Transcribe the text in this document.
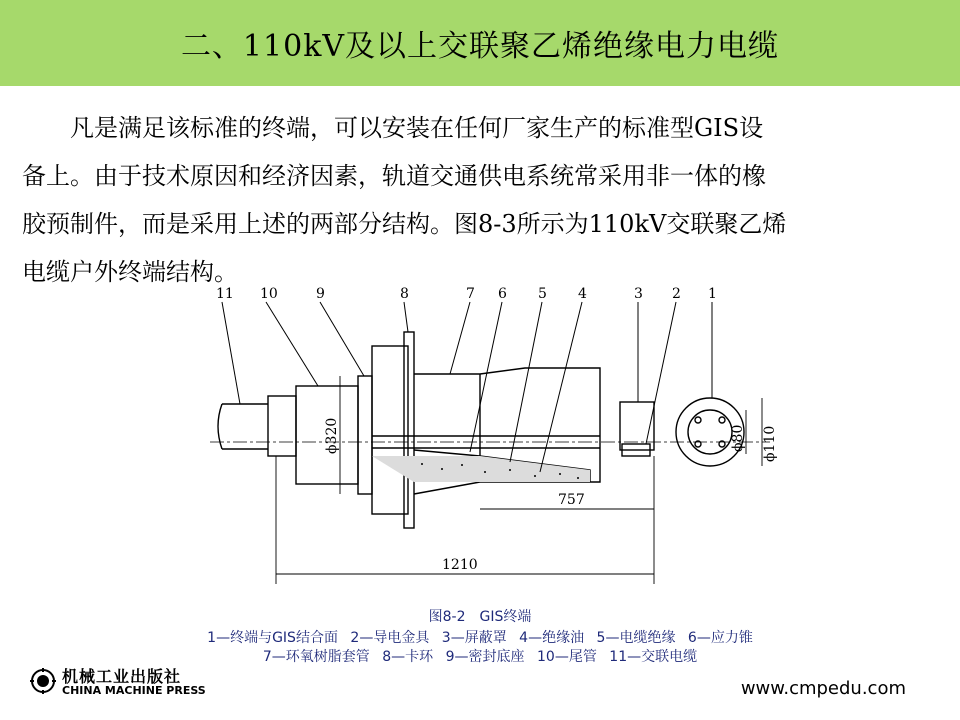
二、110kV及以上交联聚乙烯绝缘电力电缆
　　凡是满足该标准的终端，可以安装在任何厂家生产的标准型GIS设
备上。由于技术原因和经济因素，轨道交通供电系统常采用非一体的橡
胶预制件，而是采用上述的两部分结构。图8-3所示为110kV交联聚乙烯
电缆户外终端结构。
11 10	9	8	7 6 5 4	3 2 1
ϕ320
757
1210
ϕ80 ϕ110
图8-2　GIS终端
1—终端与GIS结合面 2—导电金具 3—屏蔽罩 4—绝缘油 5—电缆绝缘 6—应力锥
7—环氧树脂套管 8—卡环 9—密封底座 10—尾管 11—交联电缆
机械工业出版社
CHINA MACHINE PRESS	www.cmpedu.com
